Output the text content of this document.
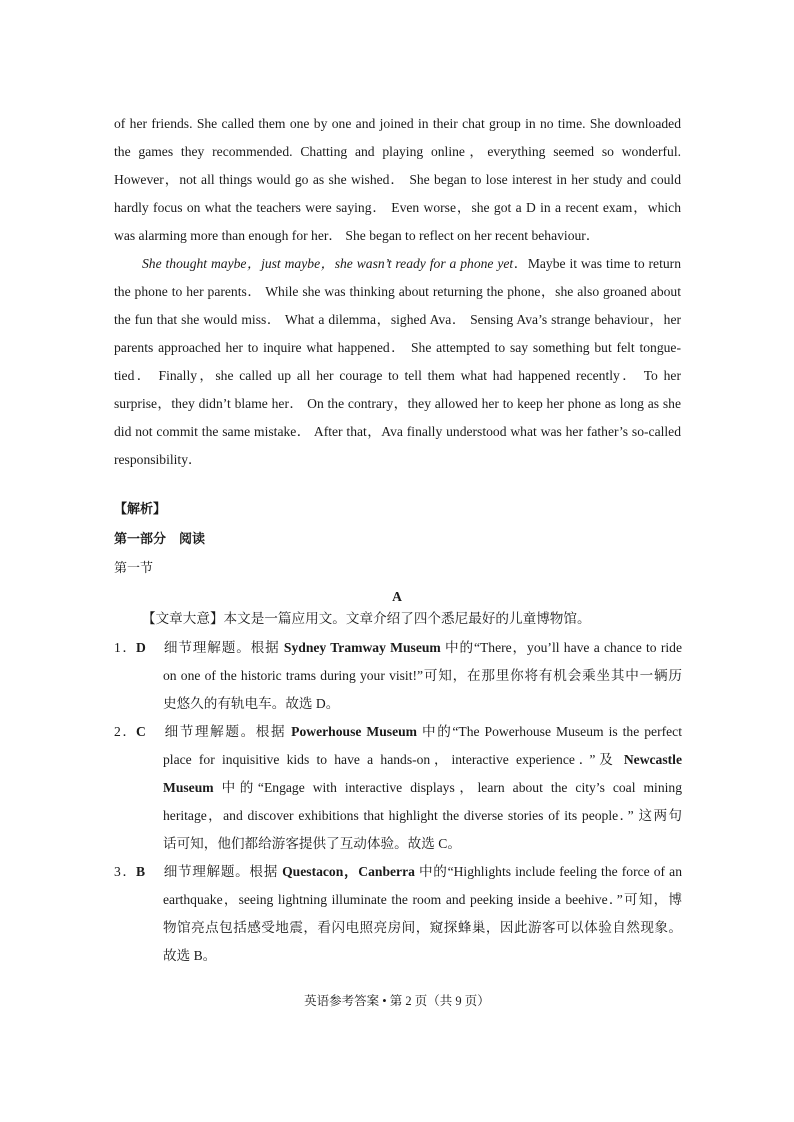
of her friends. She called them one by one and joined in their chat group in no time. She downloaded the games they recommended. Chatting and playing online，everything seemed so wonderful. However，not all things would go as she wished． She began to lose interest in her study and could hardly focus on what the teachers were saying． Even worse，she got a D in a recent exam，which was alarming more than enough for her． She began to reflect on her recent behaviour．

She thought maybe，just maybe，she wasn’t ready for a phone yet．Maybe it was time to return the phone to her parents． While she was thinking about returning the phone，she also groaned about the fun that she would miss． What a dilemma，sighed Ava． Sensing Ava’s strange behaviour，her parents approached her to inquire what happened． She attempted to say something but felt tongue-tied． Finally，she called up all her courage to tell them what had happened recently． To her surprise，they didn’t blame her． On the contrary，they allowed her to keep her phone as long as she did not commit the same mistake． After that，Ava finally understood what was her father’s so-called responsibility．

【解析】
第一部分　阅读
第一节
A
【文章大意】本文是一篇应用文。文章介绍了四个悉尼最好的儿童博物馆。
1．D 细节理解题。根据 Sydney Tramway Museum 中的“There，you’ll have a chance to ride
on one of the historic trams during your visit!”可知，在那里你将有机会乘坐其中一辆历
史悠久的有轨电车。故选 D。
2．C 细节理解题。根据 Powerhouse Museum 中的“The Powerhouse Museum is the perfect
place for inquisitive kids to have a hands-on，interactive experience．”及 Newcastle
Museum 中的“Engage with interactive displays，learn about the city’s coal mining
heritage，and discover exhibitions that highlight the diverse stories of its people．” 这两句
话可知，他们都给游客提供了互动体验。故选 C。
3．B 细节理解题。根据 Questacon，Canberra 中的“Highlights include feeling the force of an
earthquake，seeing lightning illuminate the room and peeking inside a beehive．”可知，博
物馆亮点包括感受地震，看闪电照亮房间，窥探蜂巢，因此游客可以体验自然现象。
故选 B。
英语参考答案 • 第 2 页（共 9 页）
